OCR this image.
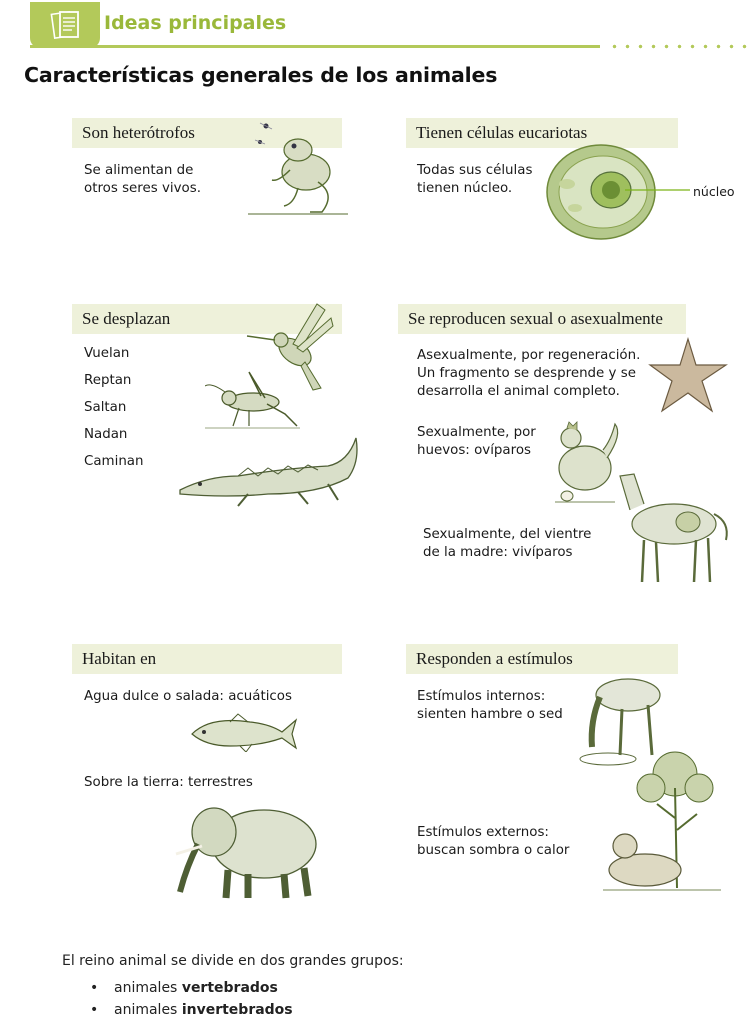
Ideas principales
Características generales de los animales
Son heterótrofos
Se alimentan de
otros seres vivos.
Tienen células eucariotas
Todas sus células
tienen núcleo.	núcleo
Se desplazan
Vuelan
Reptan
Saltan
Nadan
Caminan
Se reproducen sexual o asexualmente
Asexualmente, por regeneración.
Un fragmento se desprende y se
desarrolla el animal completo.
Sexualmente, por
huevos: ovíparos
Sexualmente, del vientre
de la madre: vivíparos
Habitan en
Agua dulce o salada: acuáticos
Sobre la tierra: terrestres
Responden a estímulos
Estímulos internos:
sienten hambre o sed
Estímulos externos:
buscan sombra o calor
El reino animal se divide en dos grandes grupos:
•	animales vertebrados
•	animales invertebrados
